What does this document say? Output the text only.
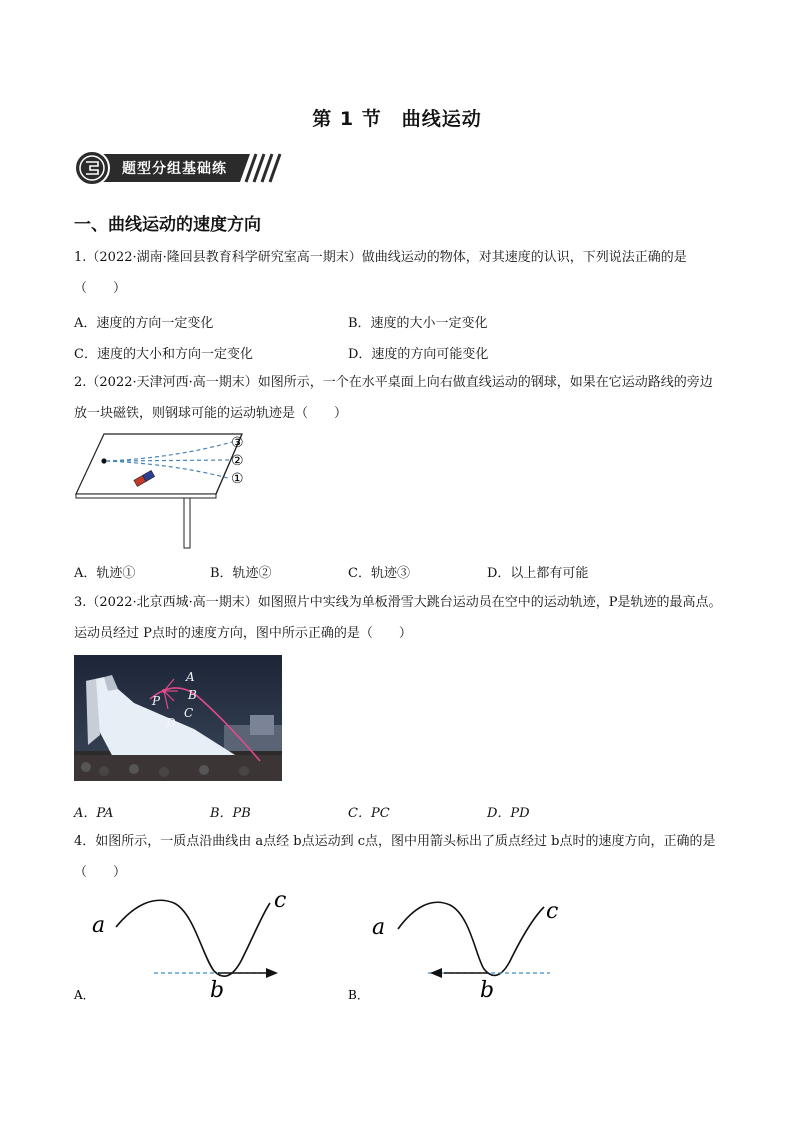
第 1 节　曲线运动
题型分组基础练
一、曲线运动的速度方向
1.（2022·湖南·隆回县教育科学研究室高一期末）做曲线运动的物体，对其速度的认识，下列说法正确的是（　　）
A．速度的方向一定变化	B．速度的大小一定变化
C．速度的大小和方向一定变化	D．速度的方向可能变化
2.（2022·天津河西·高一期末）如图所示，一个在水平桌面上向右做直线运动的钢球，如果在它运动路线的旁边放一块磁铁，则钢球可能的运动轨迹是（　　）
③
②
①
A．轨迹①	B．轨迹②	C．轨迹③	D．以上都有可能
3.（2022·北京西城·高一期末）如图照片中实线为单板滑雪大跳台运动员在空中的运动轨迹，P是轨迹的最高点。运动员经过 P点时的速度方向，图中所示正确的是（　　）
A
B
P
C
D
A．PA	B．PB	C．PC	D．PD
4．如图所示，一质点沿曲线由 a点经 b点运动到 c点，图中用箭头标出了质点经过 b点时的速度方向，正确的是（　　）
a
b
c
A．
a
b
c
B．
